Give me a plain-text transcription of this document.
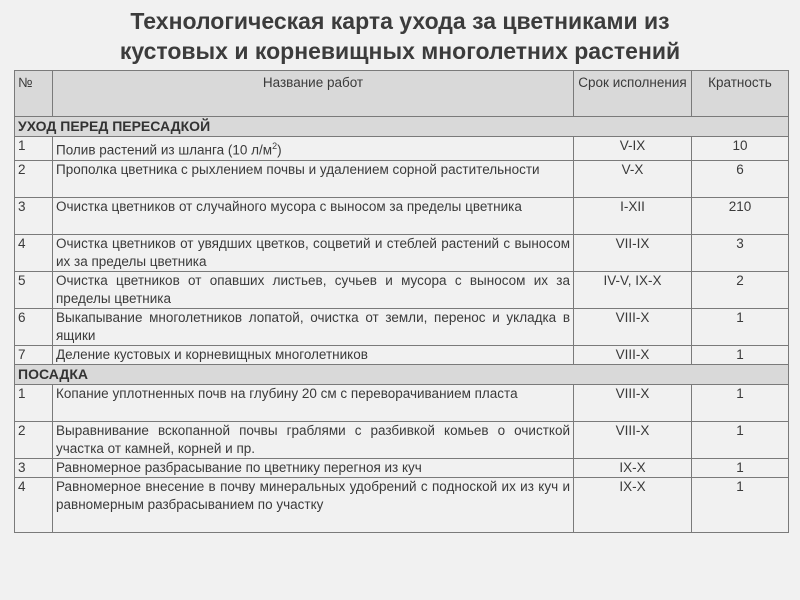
Технологическая карта ухода за цветниками из
кустовых и корневищных многолетних растений
№	Название работ	Срок исполнения	Кратность
УХОД ПЕРЕД ПЕРЕСАДКОЙ			
1	Полив растений из шланга (10 $л/м^2$)	V-IX	10
2	Прополка цветника с рыхлением почвы и удалением сорной растительности	V-X	6
3	Очистка цветников от случайного мусора с выносом за пределы цветника	I-XII	210
4	Очистка цветников от увядших цветков, соцветий и стеблей растений с выносом их за пределы цветника	VII-IX	3
5	Очистка цветников от опавших листьев, сучьев и мусора с выносом их за пределы цветника	IV-V, IX-X	2
6	Выкапывание многолетников лопатой, очистка от земли, перенос и укладка в ящики	VIII-X	1
7	Деление кустовых и корневищных многолетников	VIII-X	1
ПОСАДКА			
1	Копание уплотненных почв на глубину 20 см с переворачиванием пласта	VIII-X	1
2	Выравнивание вскопанной почвы граблями с разбивкой комьев о очисткой участка от камней, корней и пр.	VIII-X	1
3	Равномерное разбрасывание по цветнику перегноя из куч	IX-X	1
4	Равномерное внесение в почву минеральных удобрений с подноской их из куч и равномерным разбрасыванием по участку	IX-X	1
